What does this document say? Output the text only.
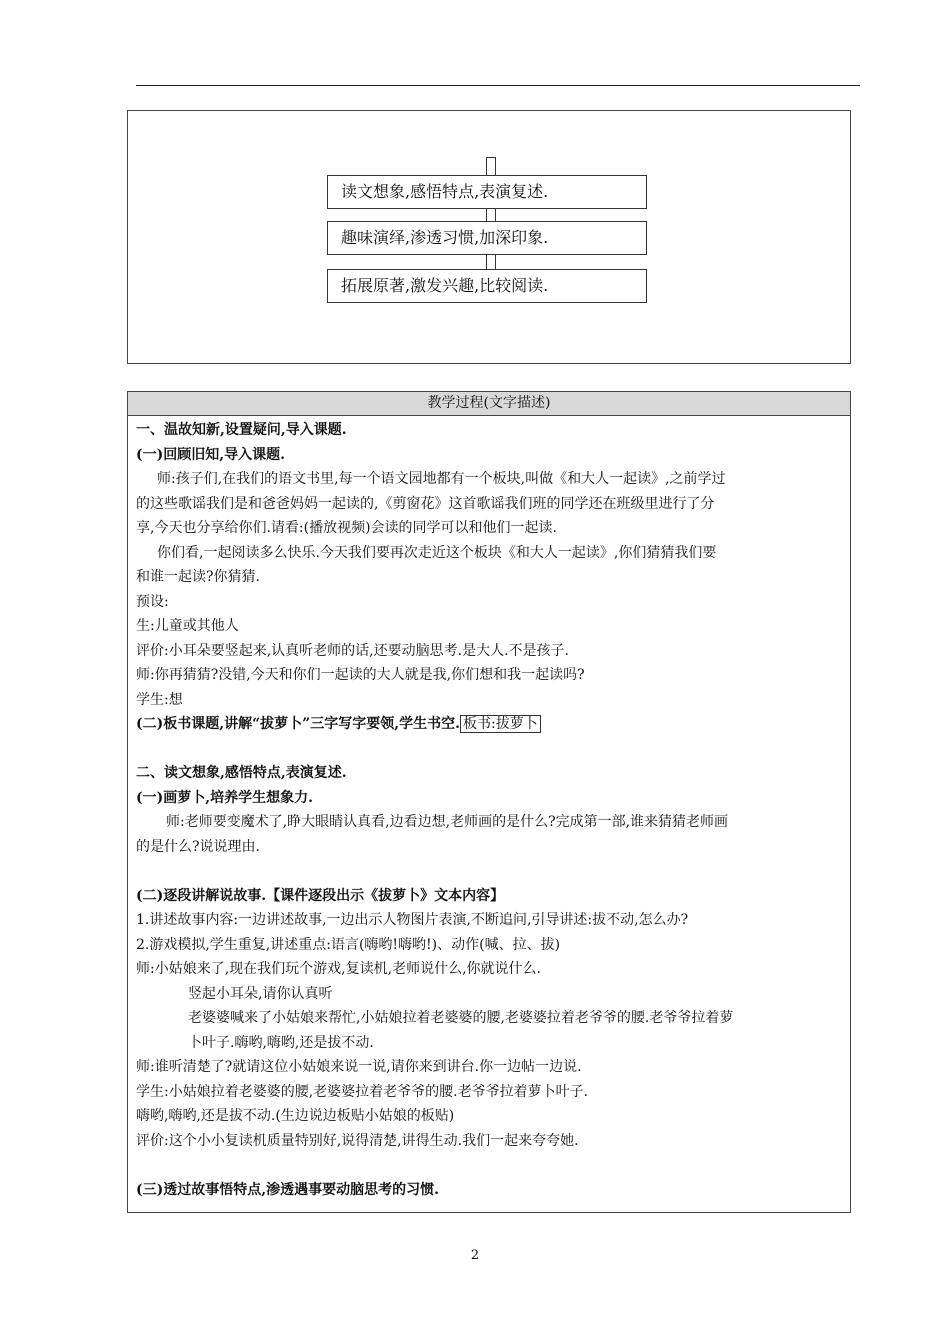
读文想象,感悟特点,表演复述.
趣味演绎,渗透习惯,加深印象.
拓展原著,激发兴趣,比较阅读.
教学过程(文字描述)
一、温故知新,设置疑问,导入课题.
(一)回顾旧知,导入课题.
师:孩子们,在我们的语文书里,每一个语文园地都有一个板块,叫做《和大人一起读》,之前学过
的这些歌谣我们是和爸爸妈妈一起读的,《剪窗花》这首歌谣我们班的同学还在班级里进行了分
享,今天也分享给你们.请看:(播放视频)会读的同学可以和他们一起读.
你们看,一起阅读多么快乐.今天我们要再次走近这个板块《和大人一起读》,你们猜猜我们要
和谁一起读?你猜猜.
预设:
生:儿童或其他人
评价:小耳朵要竖起来,认真听老师的话,还要动脑思考.是大人.不是孩子.
师:你再猜猜?没错,今天和你们一起读的大人就是我,你们想和我一起读吗?
学生:想
(二)板书课题,讲解“拔萝卜”三字写字要领,学生书空. 板书:拔萝卜
二、读文想象,感悟特点,表演复述.
(一)画萝卜,培养学生想象力.
师:老师要变魔术了,睁大眼睛认真看,边看边想,老师画的是什么?完成第一部,谁来猜猜老师画
的是什么?说说理由.
(二)逐段讲解说故事.【课件逐段出示《拔萝卜》文本内容】
1.讲述故事内容:一边讲述故事,一边出示人物图片表演,不断追问,引导讲述:拔不动,怎么办?
2.游戏模拟,学生重复,讲述重点:语言(嗨哟!嗨哟!)、动作(喊、拉、拔)
师:小姑娘来了,现在我们玩个游戏,复读机,老师说什么,你就说什么.
竖起小耳朵,请你认真听
老婆婆喊来了小姑娘来帮忙,小姑娘拉着老婆婆的腰,老婆婆拉着老爷爷的腰.老爷爷拉着萝
卜叶子.嗨哟,嗨哟,还是拔不动.
师:谁听清楚了?就请这位小姑娘来说一说,请你来到讲台.你一边帖一边说.
学生:小姑娘拉着老婆婆的腰,老婆婆拉着老爷爷的腰.老爷爷拉着萝卜叶子.
嗨哟,嗨哟,还是拔不动.(生边说边板贴小姑娘的板贴)
评价:这个小小复读机质量特别好,说得清楚,讲得生动.我们一起来夸夸她.
(三)透过故事悟特点,渗透遇事要动脑思考的习惯.
2
